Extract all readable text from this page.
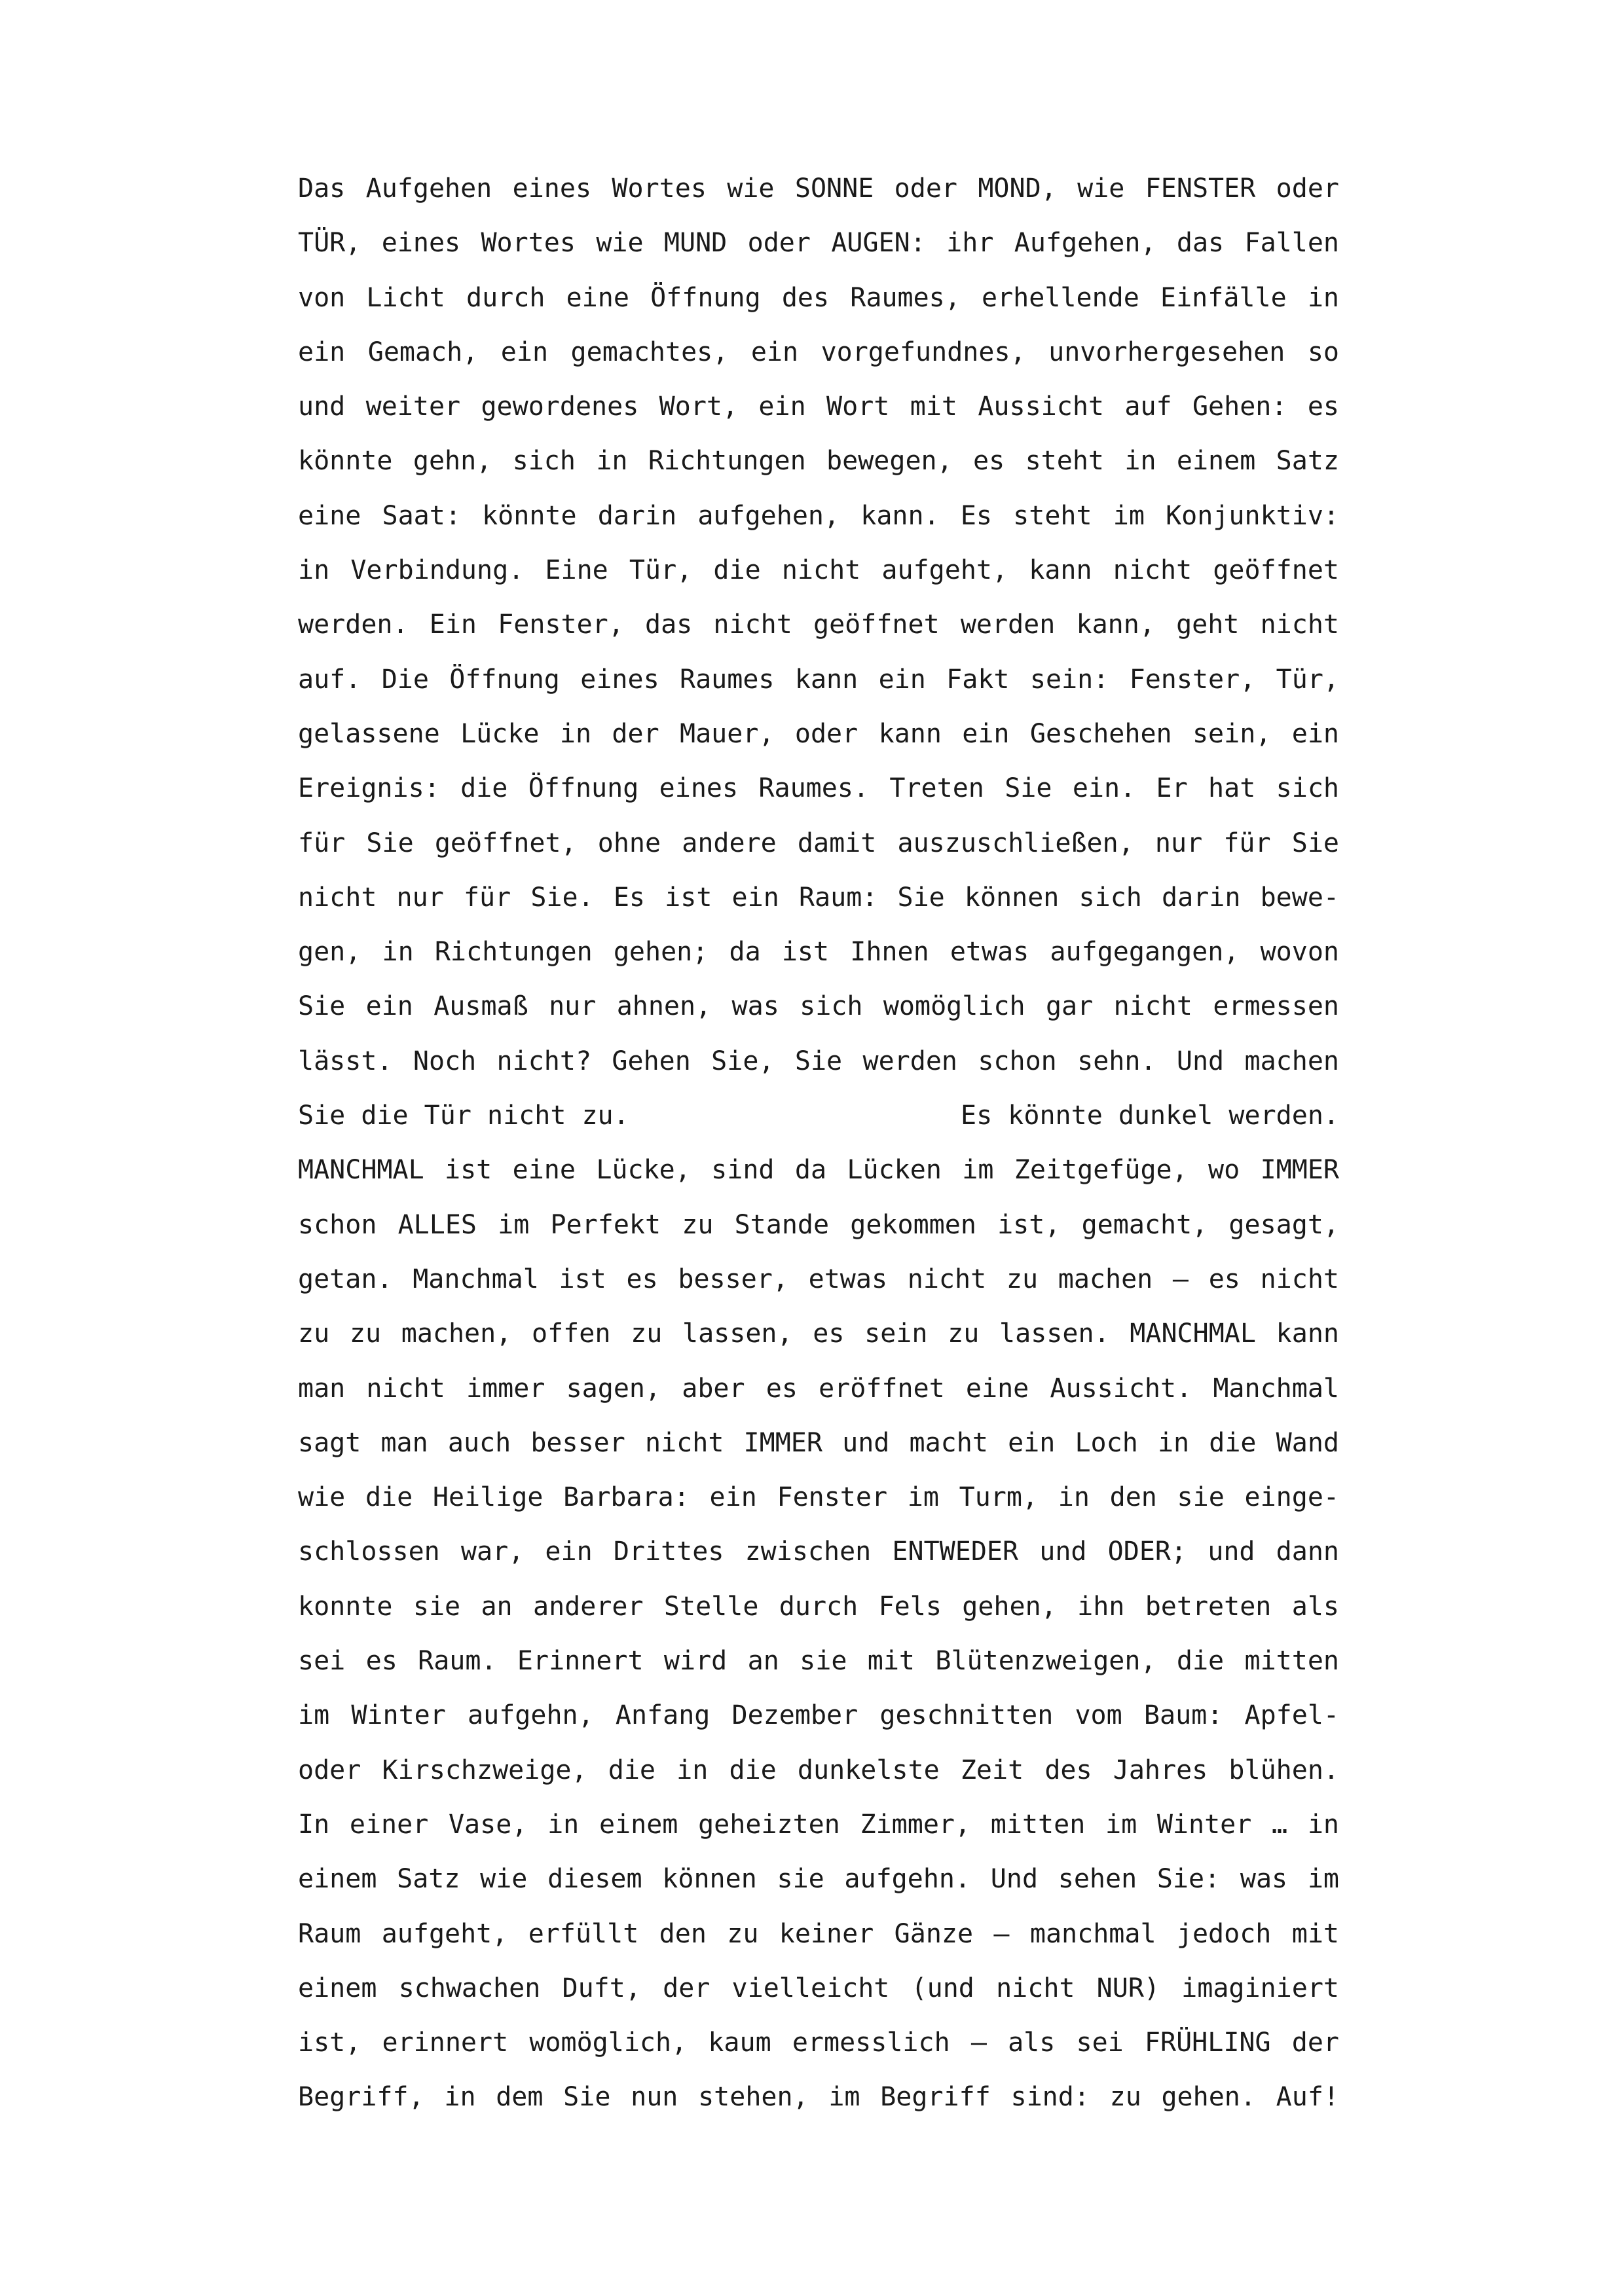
Das Aufgehen eines Wortes wie SONNE oder MOND, wie FENSTER oder
TÜR, eines Wortes wie MUND oder AUGEN: ihr Aufgehen, das Fallen
von Licht durch eine Öffnung des Raumes, erhellende Einfälle in
ein Gemach, ein gemachtes, ein vorgefundnes, unvorhergesehen so
und weiter gewordenes Wort, ein Wort mit Aussicht auf Gehen: es
könnte gehn, sich in Richtungen bewegen, es steht in einem Satz
eine Saat: könnte darin aufgehen, kann. Es steht im Konjunktiv:
in Verbindung. Eine Tür, die nicht aufgeht, kann nicht geöffnet
werden. Ein Fenster, das nicht geöffnet werden kann, geht nicht
auf. Die Öffnung eines Raumes kann ein Fakt sein: Fenster, Tür,
gelassene Lücke in der Mauer, oder kann ein Geschehen sein, ein
Ereignis: die Öffnung eines Raumes. Treten Sie ein. Er hat sich
für Sie geöffnet, ohne andere damit auszuschließen, nur für Sie
nicht nur für Sie. Es ist ein Raum: Sie können sich darin bewe-
gen, in Richtungen gehen; da ist Ihnen etwas aufgegangen, wovon
Sie ein Ausmaß nur ahnen, was sich womöglich gar nicht ermessen
lässt. Noch nicht? Gehen Sie, Sie werden schon sehn. Und machen
Sie die Tür nicht zu.	Es könnte dunkel werden.
MANCHMAL ist eine Lücke, sind da Lücken im Zeitgefüge, wo IMMER
schon ALLES im Perfekt zu Stande gekommen ist, gemacht, gesagt,
getan. Manchmal ist es besser, etwas nicht zu machen – es nicht
zu zu machen, offen zu lassen, es sein zu lassen. MANCHMAL kann
man nicht immer sagen, aber es eröffnet eine Aussicht. Manchmal
sagt man auch besser nicht IMMER und macht ein Loch in die Wand
wie die Heilige Barbara: ein Fenster im Turm, in den sie einge-
schlossen war, ein Drittes zwischen ENTWEDER und ODER; und dann
konnte sie an anderer Stelle durch Fels gehen, ihn betreten als
sei es Raum. Erinnert wird an sie mit Blütenzweigen, die mitten
im Winter aufgehn, Anfang Dezember geschnitten vom Baum: Apfel-
oder Kirschzweige, die in die dunkelste Zeit des Jahres blühen.
In einer Vase, in einem geheizten Zimmer, mitten im Winter … in
einem Satz wie diesem können sie aufgehn. Und sehen Sie: was im
Raum aufgeht, erfüllt den zu keiner Gänze – manchmal jedoch mit
einem schwachen Duft, der vielleicht (und nicht NUR) imaginiert
ist, erinnert womöglich, kaum ermesslich – als sei FRÜHLING der
Begriff, in dem Sie nun stehen, im Begriff sind: zu gehen. Auf!
